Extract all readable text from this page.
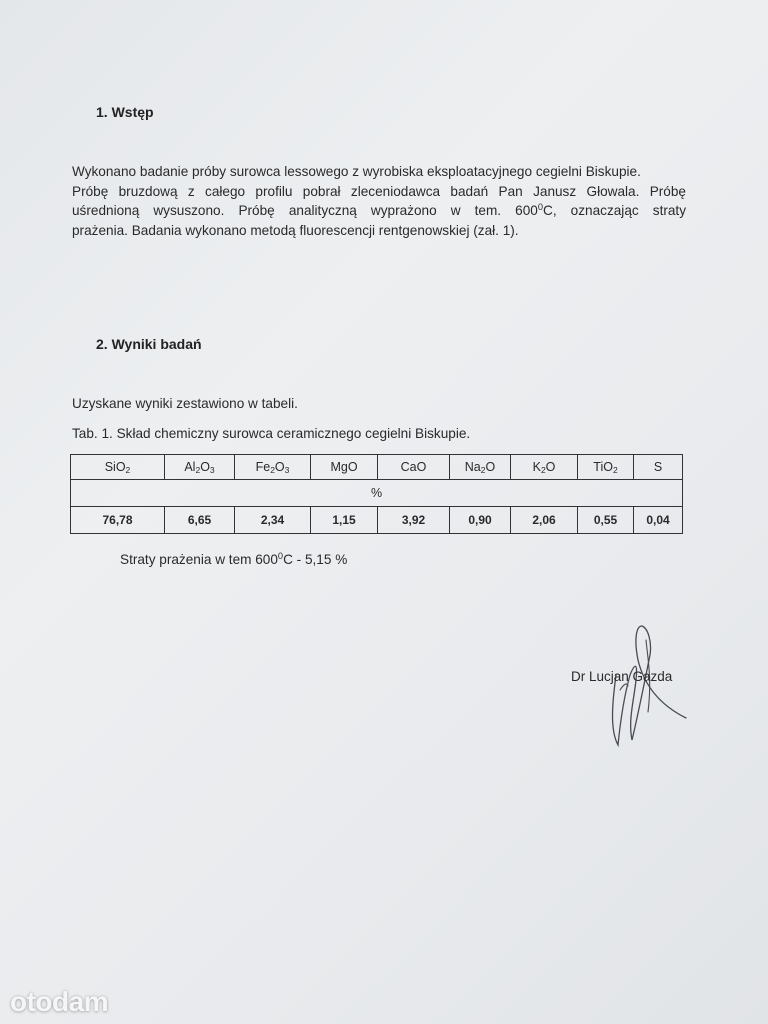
1. Wstęp
Wykonano badanie próby surowca lessowego z wyrobiska eksploatacyjnego cegielni Biskupie.
Próbę bruzdową z całego profilu pobrał zleceniodawca badań Pan Janusz Głowala. Próbę
uśrednioną wysuszono. Próbę analityczną wyprażono w tem. $600^0C$, oznaczając straty
prażenia. Badania wykonano metodą fluorescencji rentgenowskiej (zał. 1).
2. Wyniki badań
Uzyskane wyniki zestawiono w tabeli.
Tab. 1. Skład chemiczny surowca ceramicznego cegielni Biskupie.
SiO$_2$	$Al_2O_3$	$Fe_2O_3$	MgO	CaO	$Na_2O$	$K_2O$	TiO$_2$	S
%								
76,78	6,65	2,34	1,15	3,92	0,90	2,06	0,55	0,04
Straty prażenia w tem $600^0C - 5,15$ %
Dr Lucjan Gazda
otodam
